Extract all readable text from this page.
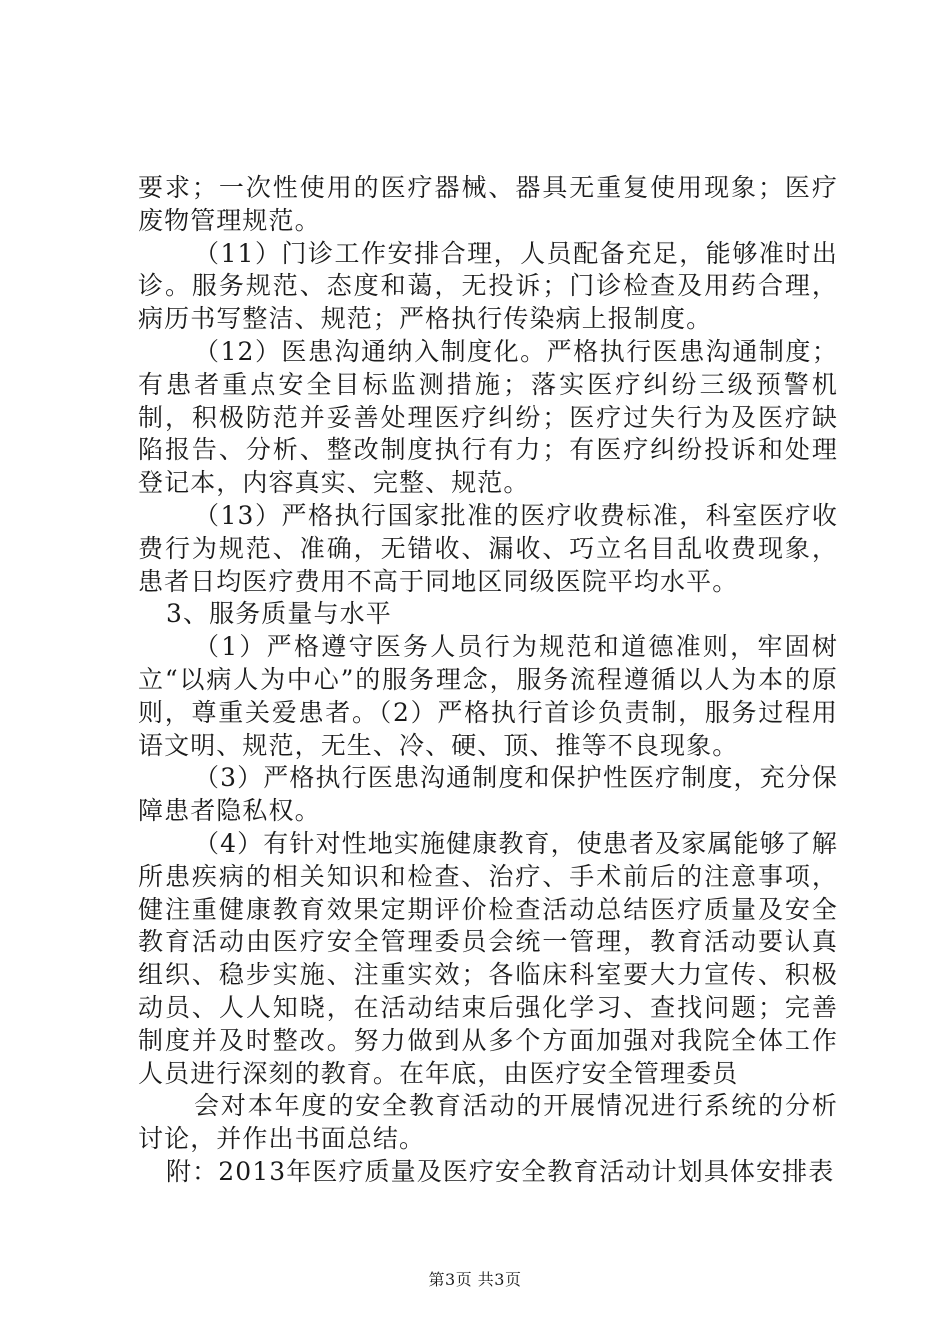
要求；一次性使用的医疗器械、器具无重复使用现象；医疗废物管理规范。

（11）门诊工作安排合理，人员配备充足，能够准时出诊。服务规范、态度和蔼，无投诉；门诊检查及用药合理，病历书写整洁、规范；严格执行传染病上报制度。

（12）医患沟通纳入制度化。严格执行医患沟通制度；有患者重点安全目标监测措施；落实医疗纠纷三级预警机制，积极防范并妥善处理医疗纠纷；医疗过失行为及医疗缺陷报告、分析、整改制度执行有力；有医疗纠纷投诉和处理登记本，内容真实、完整、规范。

（13）严格执行国家批准的医疗收费标准，科室医疗收费行为规范、准确，无错收、漏收、巧立名目乱收费现象，患者日均医疗费用不高于同地区同级医院平均水平。

3、服务质量与水平

（1）严格遵守医务人员行为规范和道德准则，牢固树立“以病人为中心”的服务理念，服务流程遵循以人为本的原则，尊重关爱患者。（2）严格执行首诊负责制，服务过程用语文明、规范，无生、冷、硬、顶、推等不良现象。

（3）严格执行医患沟通制度和保护性医疗制度，充分保障患者隐私权。

（4）有针对性地实施健康教育，使患者及家属能够了解所患疾病的相关知识和检查、治疗、手术前后的注意事项，健注重健康教育效果定期评价检查活动总结医疗质量及安全教育活动由医疗安全管理委员会统一管理，教育活动要认真组织、稳步实施、注重实效；各临床科室要大力宣传、积极动员、人人知晓，在活动结束后强化学习、查找问题；完善制度并及时整改。努力做到从多个方面加强对我院全体工作人员进行深刻的教育。在年底，由医疗安全管理委员

会对本年度的安全教育活动的开展情况进行系统的分析讨论，并作出书面总结。

附：2013年医疗质量及医疗安全教育活动计划具体安排表

第3页 共3页
